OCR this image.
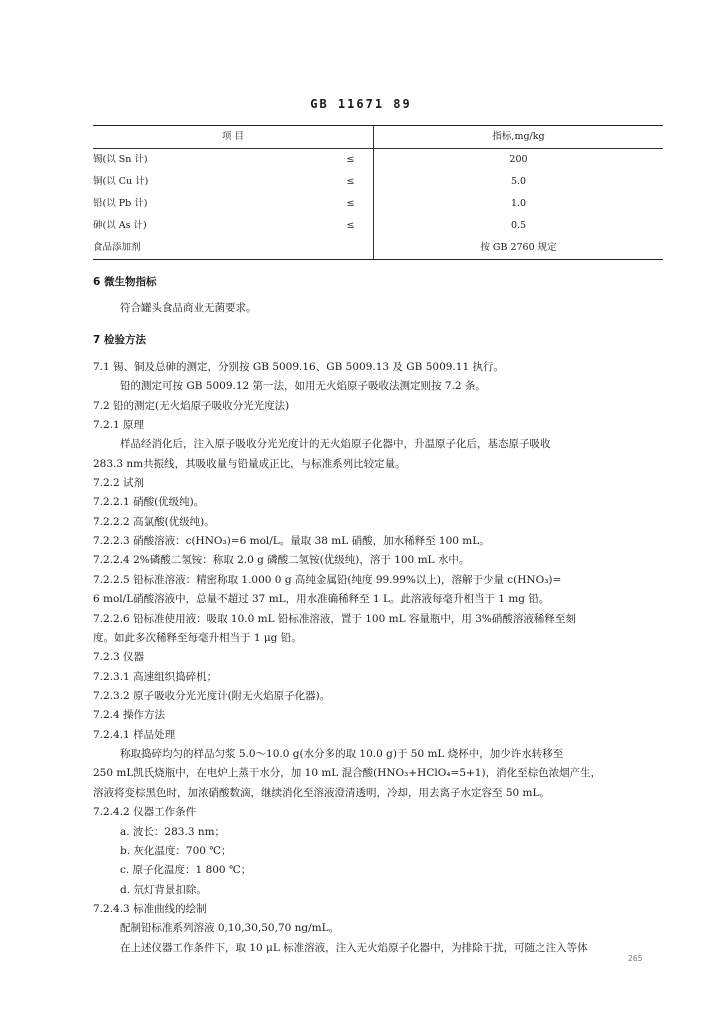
GB 11671 89
项 目		指标,mg/kg
锡(以 Sn 计)	≤	200
铜(以 Cu 计)	≤	5.0
铅(以 Pb 计)	≤	1.0
砷(以 As 计)	≤	0.5
食品添加剂		按 GB 2760 规定
6 微生物指标
符合罐头食品商业无菌要求。
7 检验方法
7.1 锡、铜及总砷的测定，分别按 GB 5009.16、GB 5009.13 及 GB 5009.11 执行。
铅的测定可按 GB 5009.12 第一法，如用无火焰原子吸收法测定则按 7.2 条。
7.2 铅的测定(无火焰原子吸收分光光度法)
7.2.1 原理
样品经消化后，注入原子吸收分光光度计的无火焰原子化器中，升温原子化后，基态原子吸收
283.3 nm共振线，其吸收量与铅量成正比，与标准系列比较定量。
7.2.2 试剂
7.2.2.1 硝酸(优级纯)。
7.2.2.2 高氯酸(优级纯)。
7.2.2.3 硝酸溶液：c(HNO₃)=6 mol/L。量取 38 mL 硝酸，加水稀释至 100 mL。
7.2.2.4 2%磷酸二氢铵：称取 2.0 g 磷酸二氢铵(优级纯)，溶于 100 mL 水中。
7.2.2.5 铅标准溶液：精密称取 1.000 0 g 高纯金属铅(纯度 99.99%以上)，溶解于少量 c(HNO₃)=
6 mol/L硝酸溶液中，总量不超过 37 mL，用水准确稀释至 1 L。此溶液每毫升相当于 1 mg 铅。
7.2.2.6 铅标准使用液：吸取 10.0 mL 铅标准溶液，置于 100 mL 容量瓶中，用 3%硝酸溶液稀释至刻
度。如此多次稀释至每毫升相当于 1 μg 铅。
7.2.3 仪器
7.2.3.1 高速组织捣碎机；
7.2.3.2 原子吸收分光光度计(附无火焰原子化器)。
7.2.4 操作方法
7.2.4.1 样品处理
称取捣碎均匀的样品匀浆 5.0～10.0 g(水分多的取 10.0 g)于 50 mL 烧杯中，加少许水转移至
250 mL凯氏烧瓶中，在电炉上蒸干水分，加 10 mL 混合酸(HNO₃+HClO₄=5+1)，消化至棕色浓烟产生，
溶液将变棕黑色时，加浓硝酸数滴，继续消化至溶液澄清透明，冷却，用去离子水定容至 50 mL。
7.2.4.2 仪器工作条件
a. 波长：283.3 nm；
b. 灰化温度：700 ℃；
c. 原子化温度：1 800 ℃；
d. 氘灯背景扣除。
7.2.4.3 标准曲线的绘制
配制铅标准系列溶液 0,10,30,50,70 ng/mL。
在上述仪器工作条件下，取 10 μL 标准溶液，注入无火焰原子化器中，为排除干扰，可随之注入等体
265
